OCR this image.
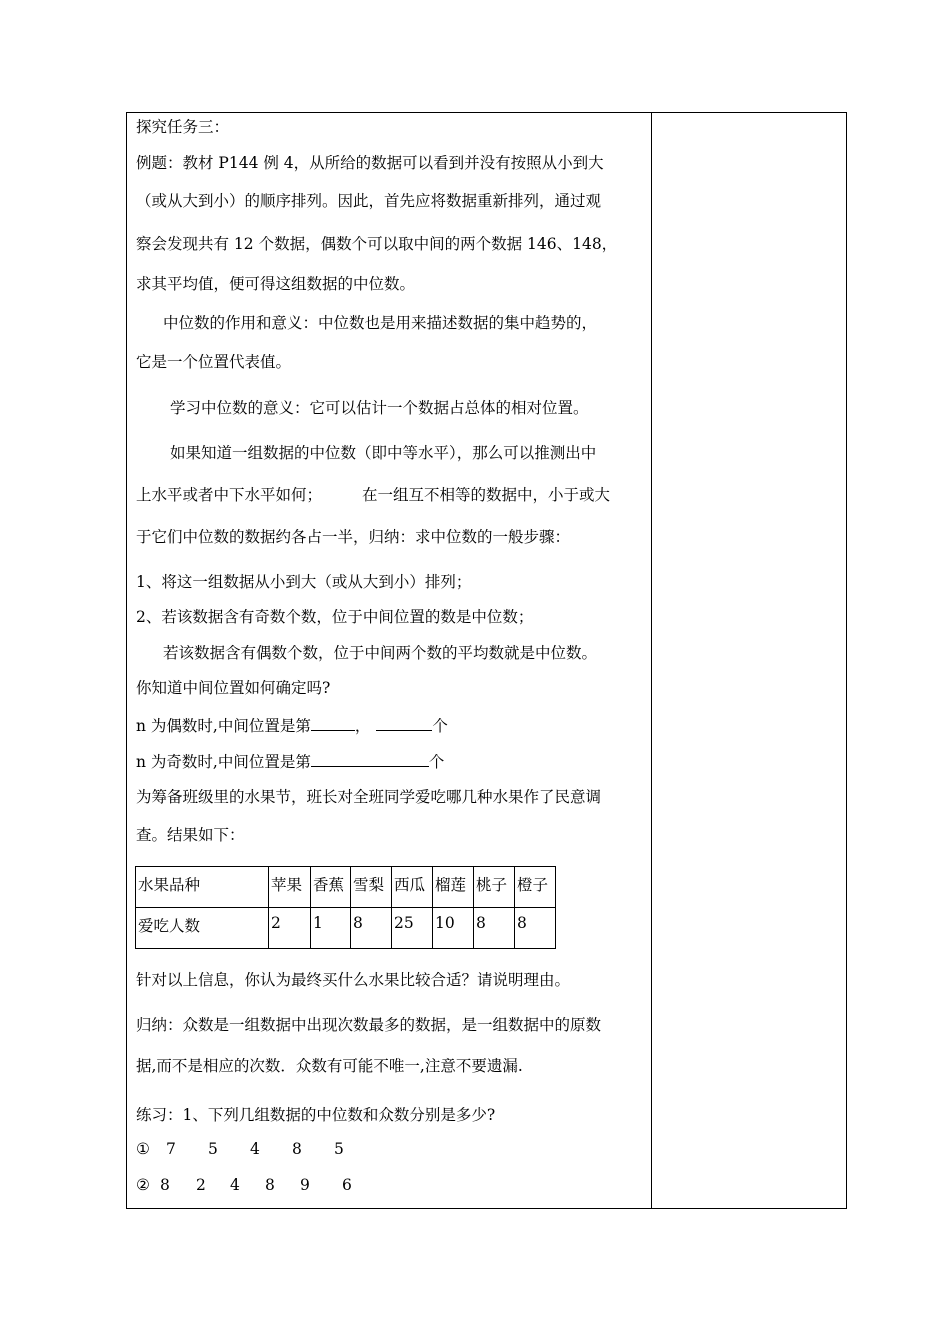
探究任务三：
例题：教材 P144 例 4，从所给的数据可以看到并没有按照从小到大
（或从大到小）的顺序排列。因此，首先应将数据重新排列，通过观
察会发现共有 12 个数据，偶数个可以取中间的两个数据 146、148，
求其平均值，便可得这组数据的中位数。
中位数的作用和意义：中位数也是用来描述数据的集中趋势的，
它是一个位置代表值。
学习中位数的意义：它可以估计一个数据占总体的相对位置。
如果知道一组数据的中位数（即中等水平），那么可以推测出中
上水平或者中下水平如何；	在一组互不相等的数据中，小于或大
于它们中位数的数据约各占一半，归纳：求中位数的一般步骤：
1、将这一组数据从小到大（或从大到小）排列；
2、若该数据含有奇数个数，位于中间位置的数是中位数；
若该数据含有偶数个数，位于中间两个数的平均数就是中位数。
你知道中间位置如何确定吗?
n 为偶数时,中间位置是第	，	个
n 为奇数时,中间位置是第	个
为筹备班级里的水果节，班长对全班同学爱吃哪几种水果作了民意调
查。结果如下：
水果品种	苹果	香蕉	雪梨	西瓜	榴莲	桃子	橙子
爱吃人数	2	1	8	25	10	8	8
针对以上信息，你认为最终买什么水果比较合适？请说明理由。
归纳：众数是一组数据中出现次数最多的数据，是一组数据中的原数
据,而不是相应的次数．众数有可能不唯一,注意不要遗漏.
练习：1、下列几组数据的中位数和众数分别是多少?
① 7 5 4 8 5
② 8 2 4 8 9 6
